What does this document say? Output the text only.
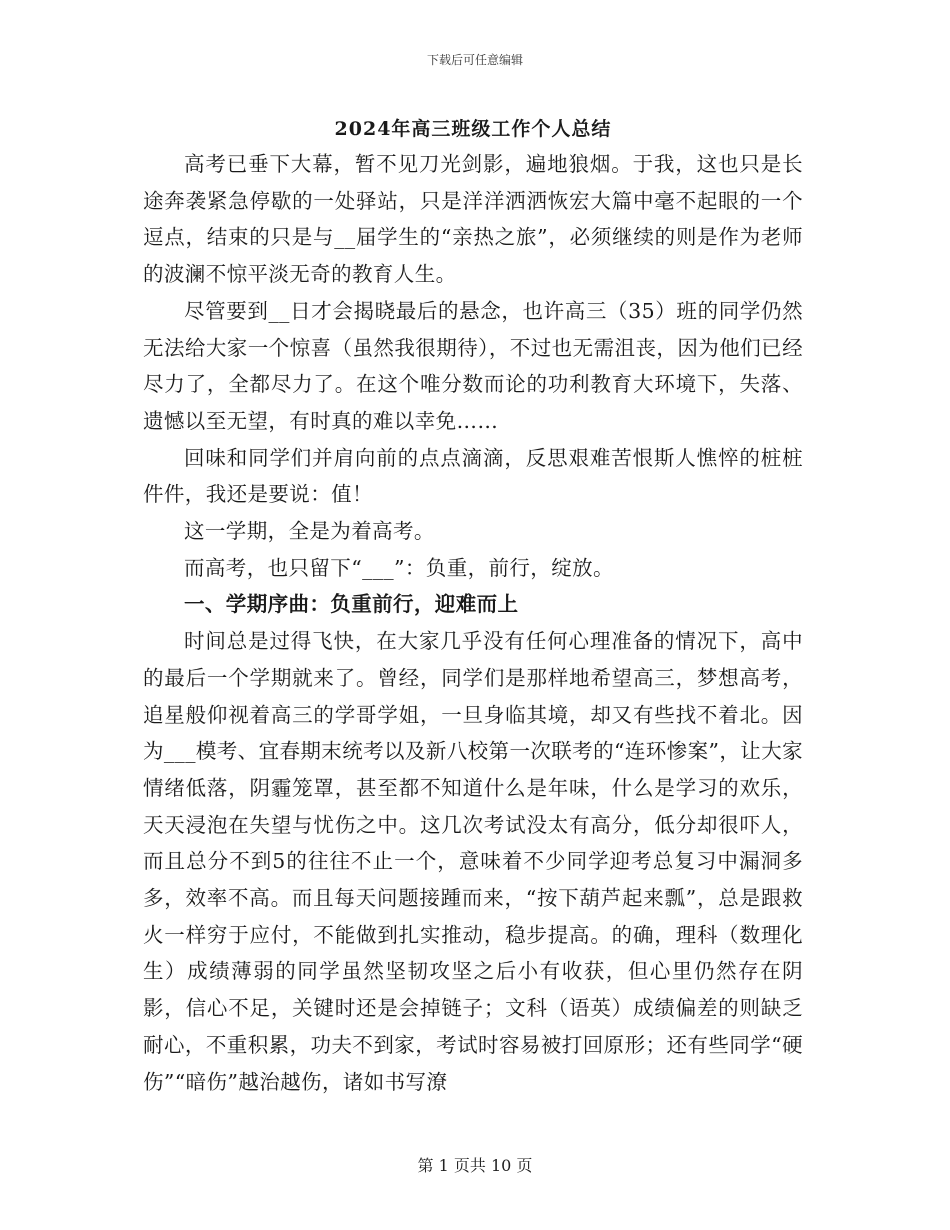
下载后可任意编辑
2024年高三班级工作个人总结

高考已垂下大幕，暂不见刀光剑影，遍地狼烟。于我，这也只是长途奔袭紧急停歇的一处驿站，只是洋洋洒洒恢宏大篇中毫不起眼的一个逗点，结束的只是与__届学生的“亲热之旅”，必须继续的则是作为老师的波澜不惊平淡无奇的教育人生。

尽管要到__日才会揭晓最后的悬念，也许高三（35）班的同学仍然无法给大家一个惊喜（虽然我很期待），不过也无需沮丧，因为他们已经尽力了，全都尽力了。在这个唯分数而论的功利教育大环境下，失落、遗憾以至无望，有时真的难以幸免……

回味和同学们并肩向前的点点滴滴，反思艰难苦恨斯人憔悴的桩桩件件，我还是要说：值！

这一学期，全是为着高考。

而高考，也只留下“___”：负重，前行，绽放。

一、学期序曲：负重前行，迎难而上

时间总是过得飞快，在大家几乎没有任何心理准备的情况下，高中的最后一个学期就来了。曾经，同学们是那样地希望高三，梦想高考，追星般仰视着高三的学哥学姐，一旦身临其境，却又有些找不着北。因为___模考、宜春期末统考以及新八校第一次联考的“连环惨案”，让大家情绪低落，阴霾笼罩，甚至都不知道什么是年味，什么是学习的欢乐，天天浸泡在失望与忧伤之中。这几次考试没太有高分，低分却很吓人，而且总分不到5的往往不止一个，意味着不少同学迎考总复习中漏洞多多，效率不高。而且每天问题接踵而来，“按下葫芦起来瓢”，总是跟救火一样穷于应付，不能做到扎实推动，稳步提高。的确，理科（数理化生）成绩薄弱的同学虽然坚韧攻坚之后小有收获，但心里仍然存在阴影，信心不足，关键时还是会掉链子；文科（语英）成绩偏差的则缺乏耐心，不重积累，功夫不到家，考试时容易被打回原形；还有些同学“硬伤”“暗伤”越治越伤，诸如书写潦

第 1 页共 10 页
